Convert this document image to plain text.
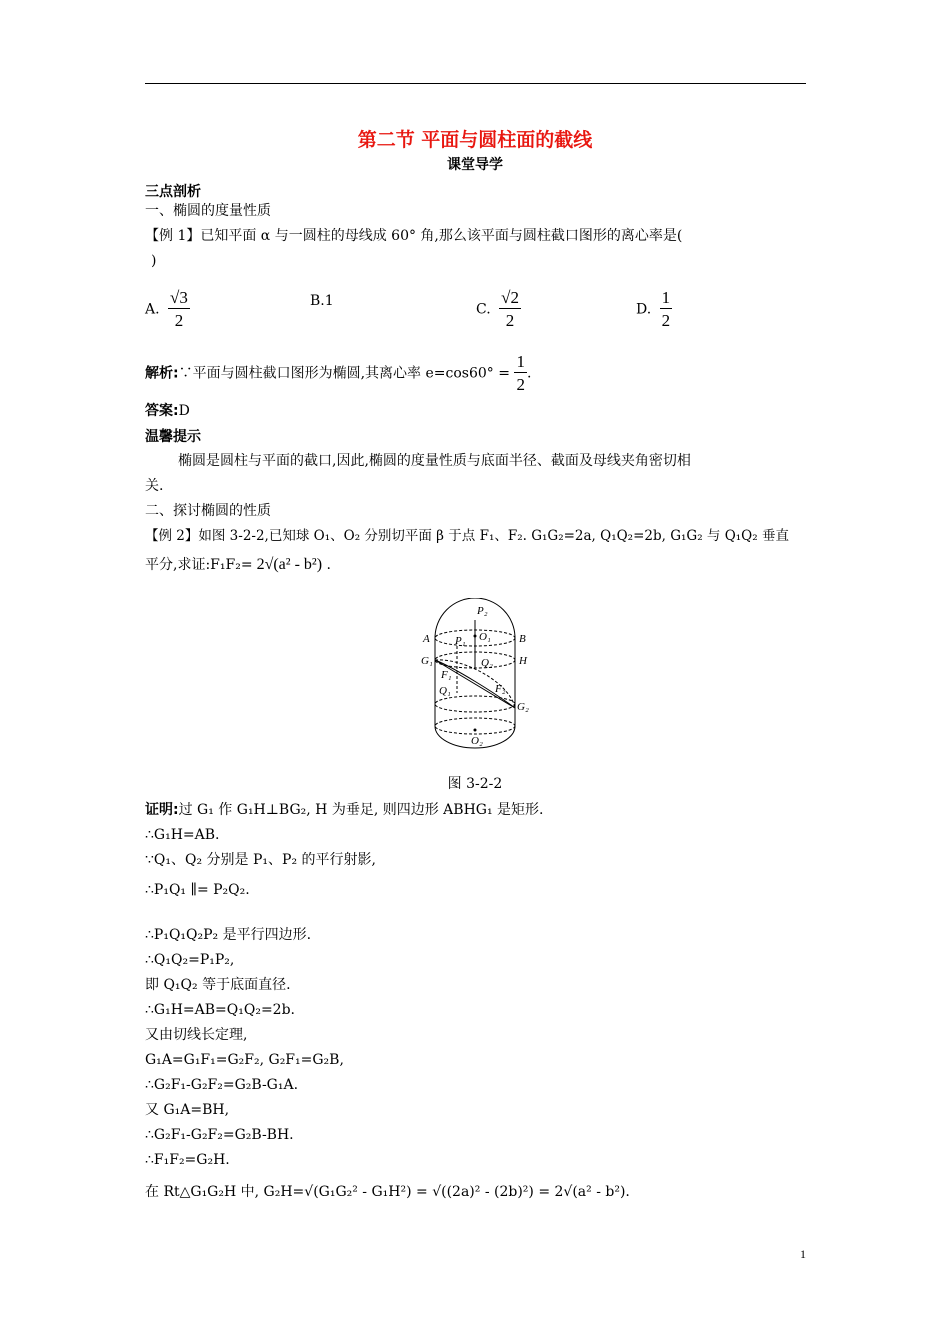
第二节 平面与圆柱面的截线
课堂导学
三点剖析
一、椭圆的度量性质
【例 1】已知平面 α 与一圆柱的母线成 60° 角,那么该平面与圆柱截口图形的离心率是(
)
A. $\frac{√3}{2}$	B.1
C. $\frac{√2}{2}$	D. $\frac{1}{2}$
解析:∵平面与圆柱截口图形为椭圆,其离心率 $e=\cos 60^\circ = \frac{1}{2}$ .
答案:D
温馨提示
椭圆是圆柱与平面的截口,因此,椭圆的度量性质与底面半径、截面及母线夹角密切相
关.
二、探讨椭圆的性质
【例 2】如图 3-2-2,已知球 O₁、O₂ 分别切平面 β 于点 F₁、F₂. G₁G₂=2a, Q₁Q₂=2b, G₁G₂ 与 Q₁Q₂ 垂直
平分,求证:F₁F₂= 2√(a² - b²) .
P₂
A P₁ O₁	B
G₁	Q₂ H
F₁
F₂
Q₁
G₂
O₂
图 3-2-2
证明:过 G₁ 作 G₁H⊥BG₂, H 为垂足, 则四边形 ABHG₁ 是矩形.
∴G₁H=AB.
∵Q₁、Q₂ 分别是 P₁、P₂ 的平行射影,
∴P₁Q₁ ∥= P₂Q₂.
∴P₁Q₁Q₂P₂ 是平行四边形.
∴Q₁Q₂=P₁P₂,
即 Q₁Q₂ 等于底面直径.
∴G₁H=AB=Q₁Q₂=2b.
又由切线长定理,
G₁A=G₁F₁=G₂F₂, G₂F₁=G₂B,
∴G₂F₁-G₂F₂=G₂B-G₁A.
又 G₁A=BH,
∴G₂F₁-G₂F₂=G₂B-BH.
∴F₁F₂=G₂H.
在 Rt△G₁G₂H 中, G₂H=√(G₁G₂² - G₁H²) = √((2a)² - (2b)²) = 2√(a² - b²).
1
